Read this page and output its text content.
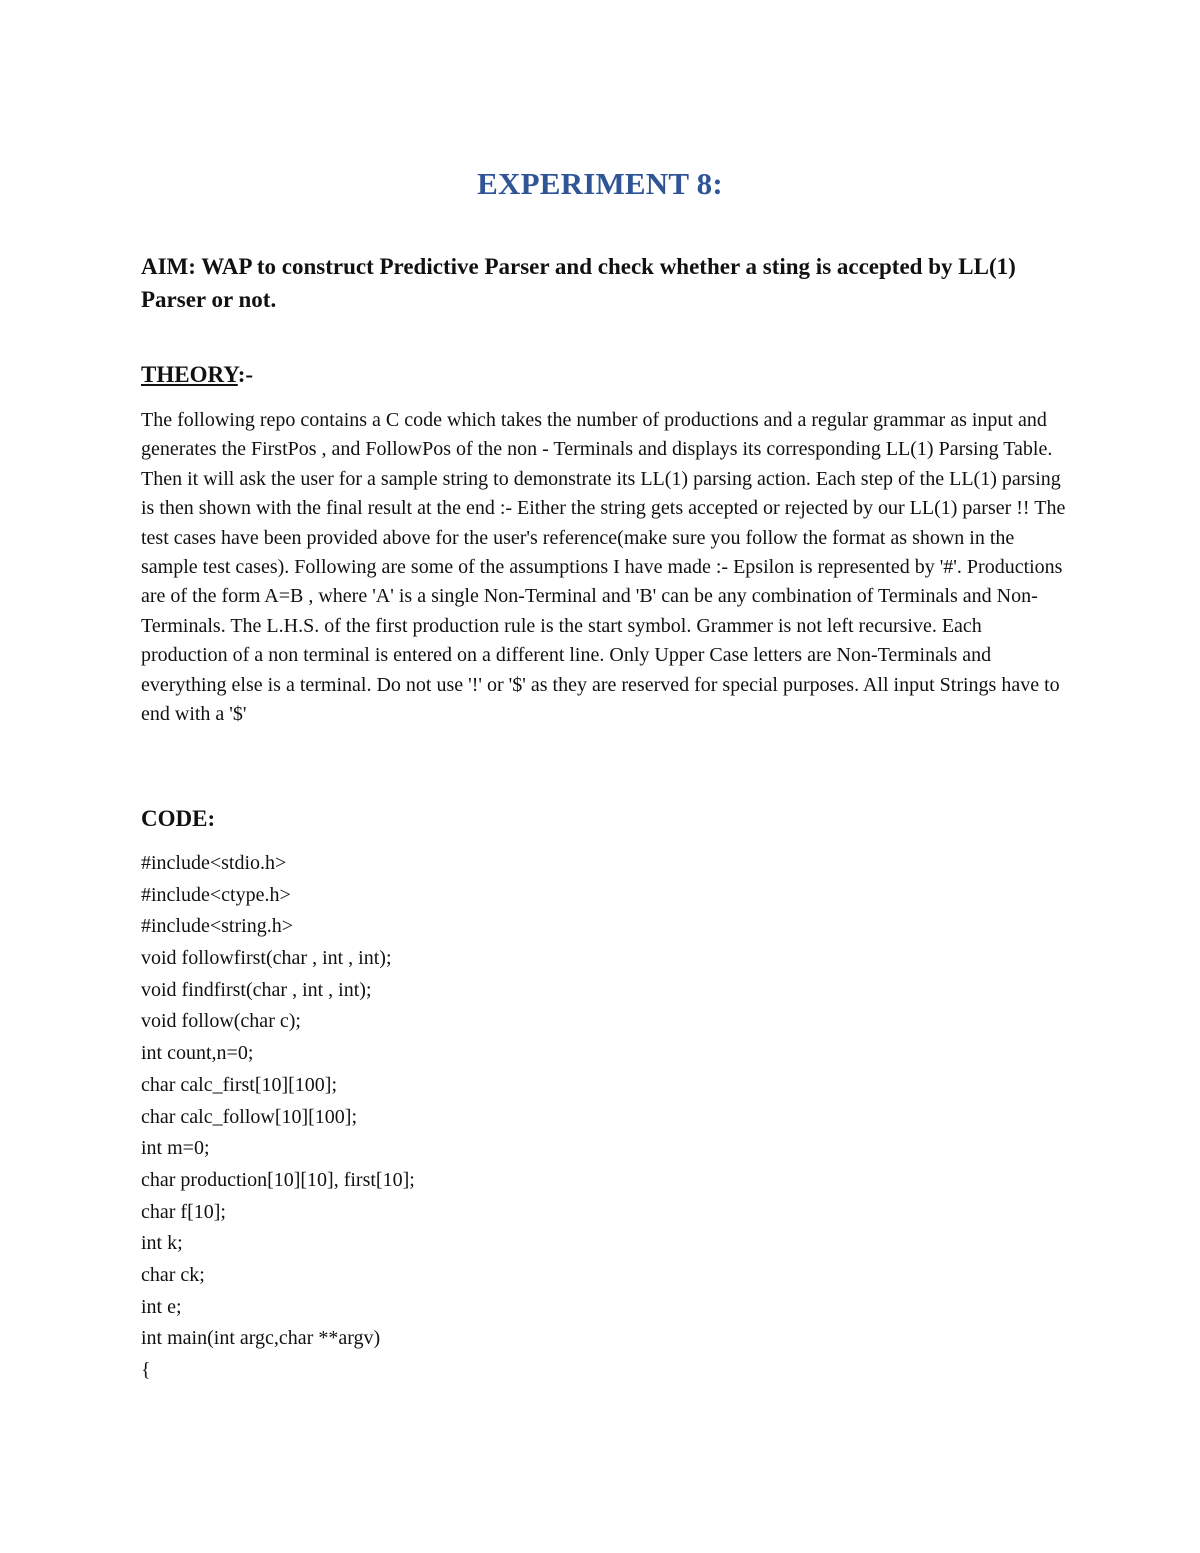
EXPERIMENT 8:
AIM: WAP to construct Predictive Parser and check whether a sting is accepted by LL(1) Parser or not.
THEORY:-
The following repo contains a C code which takes the number of productions and a regular grammar as input and generates the FirstPos , and FollowPos of the non - Terminals and displays its corresponding LL(1) Parsing Table. Then it will ask the user for a sample string to demonstrate its LL(1) parsing action. Each step of the LL(1) parsing is then shown with the final result at the end :- Either the string gets accepted or rejected by our LL(1) parser !! The test cases have been provided above for the user's reference(make sure you follow the format as shown in the sample test cases). Following are some of the assumptions I have made :- Epsilon is represented by '#'. Productions are of the form A=B , where 'A' is a single Non-Terminal and 'B' can be any combination of Terminals and Non- Terminals. The L.H.S. of the first production rule is the start symbol. Grammer is not left recursive. Each production of a non terminal is entered on a different line. Only Upper Case letters are Non-Terminals and everything else is a terminal. Do not use '!' or '$' as they are reserved for special purposes. All input Strings have to end with a '$'
CODE:
#include<stdio.h>
#include<ctype.h>
#include<string.h>
void followfirst(char , int , int);
void findfirst(char , int , int);
void follow(char c);
int count,n=0;
char calc_first[10][100];
char calc_follow[10][100];
int m=0;
char production[10][10], first[10];
char f[10];
int k;
char ck;
int e;
int main(int argc,char **argv)
{
